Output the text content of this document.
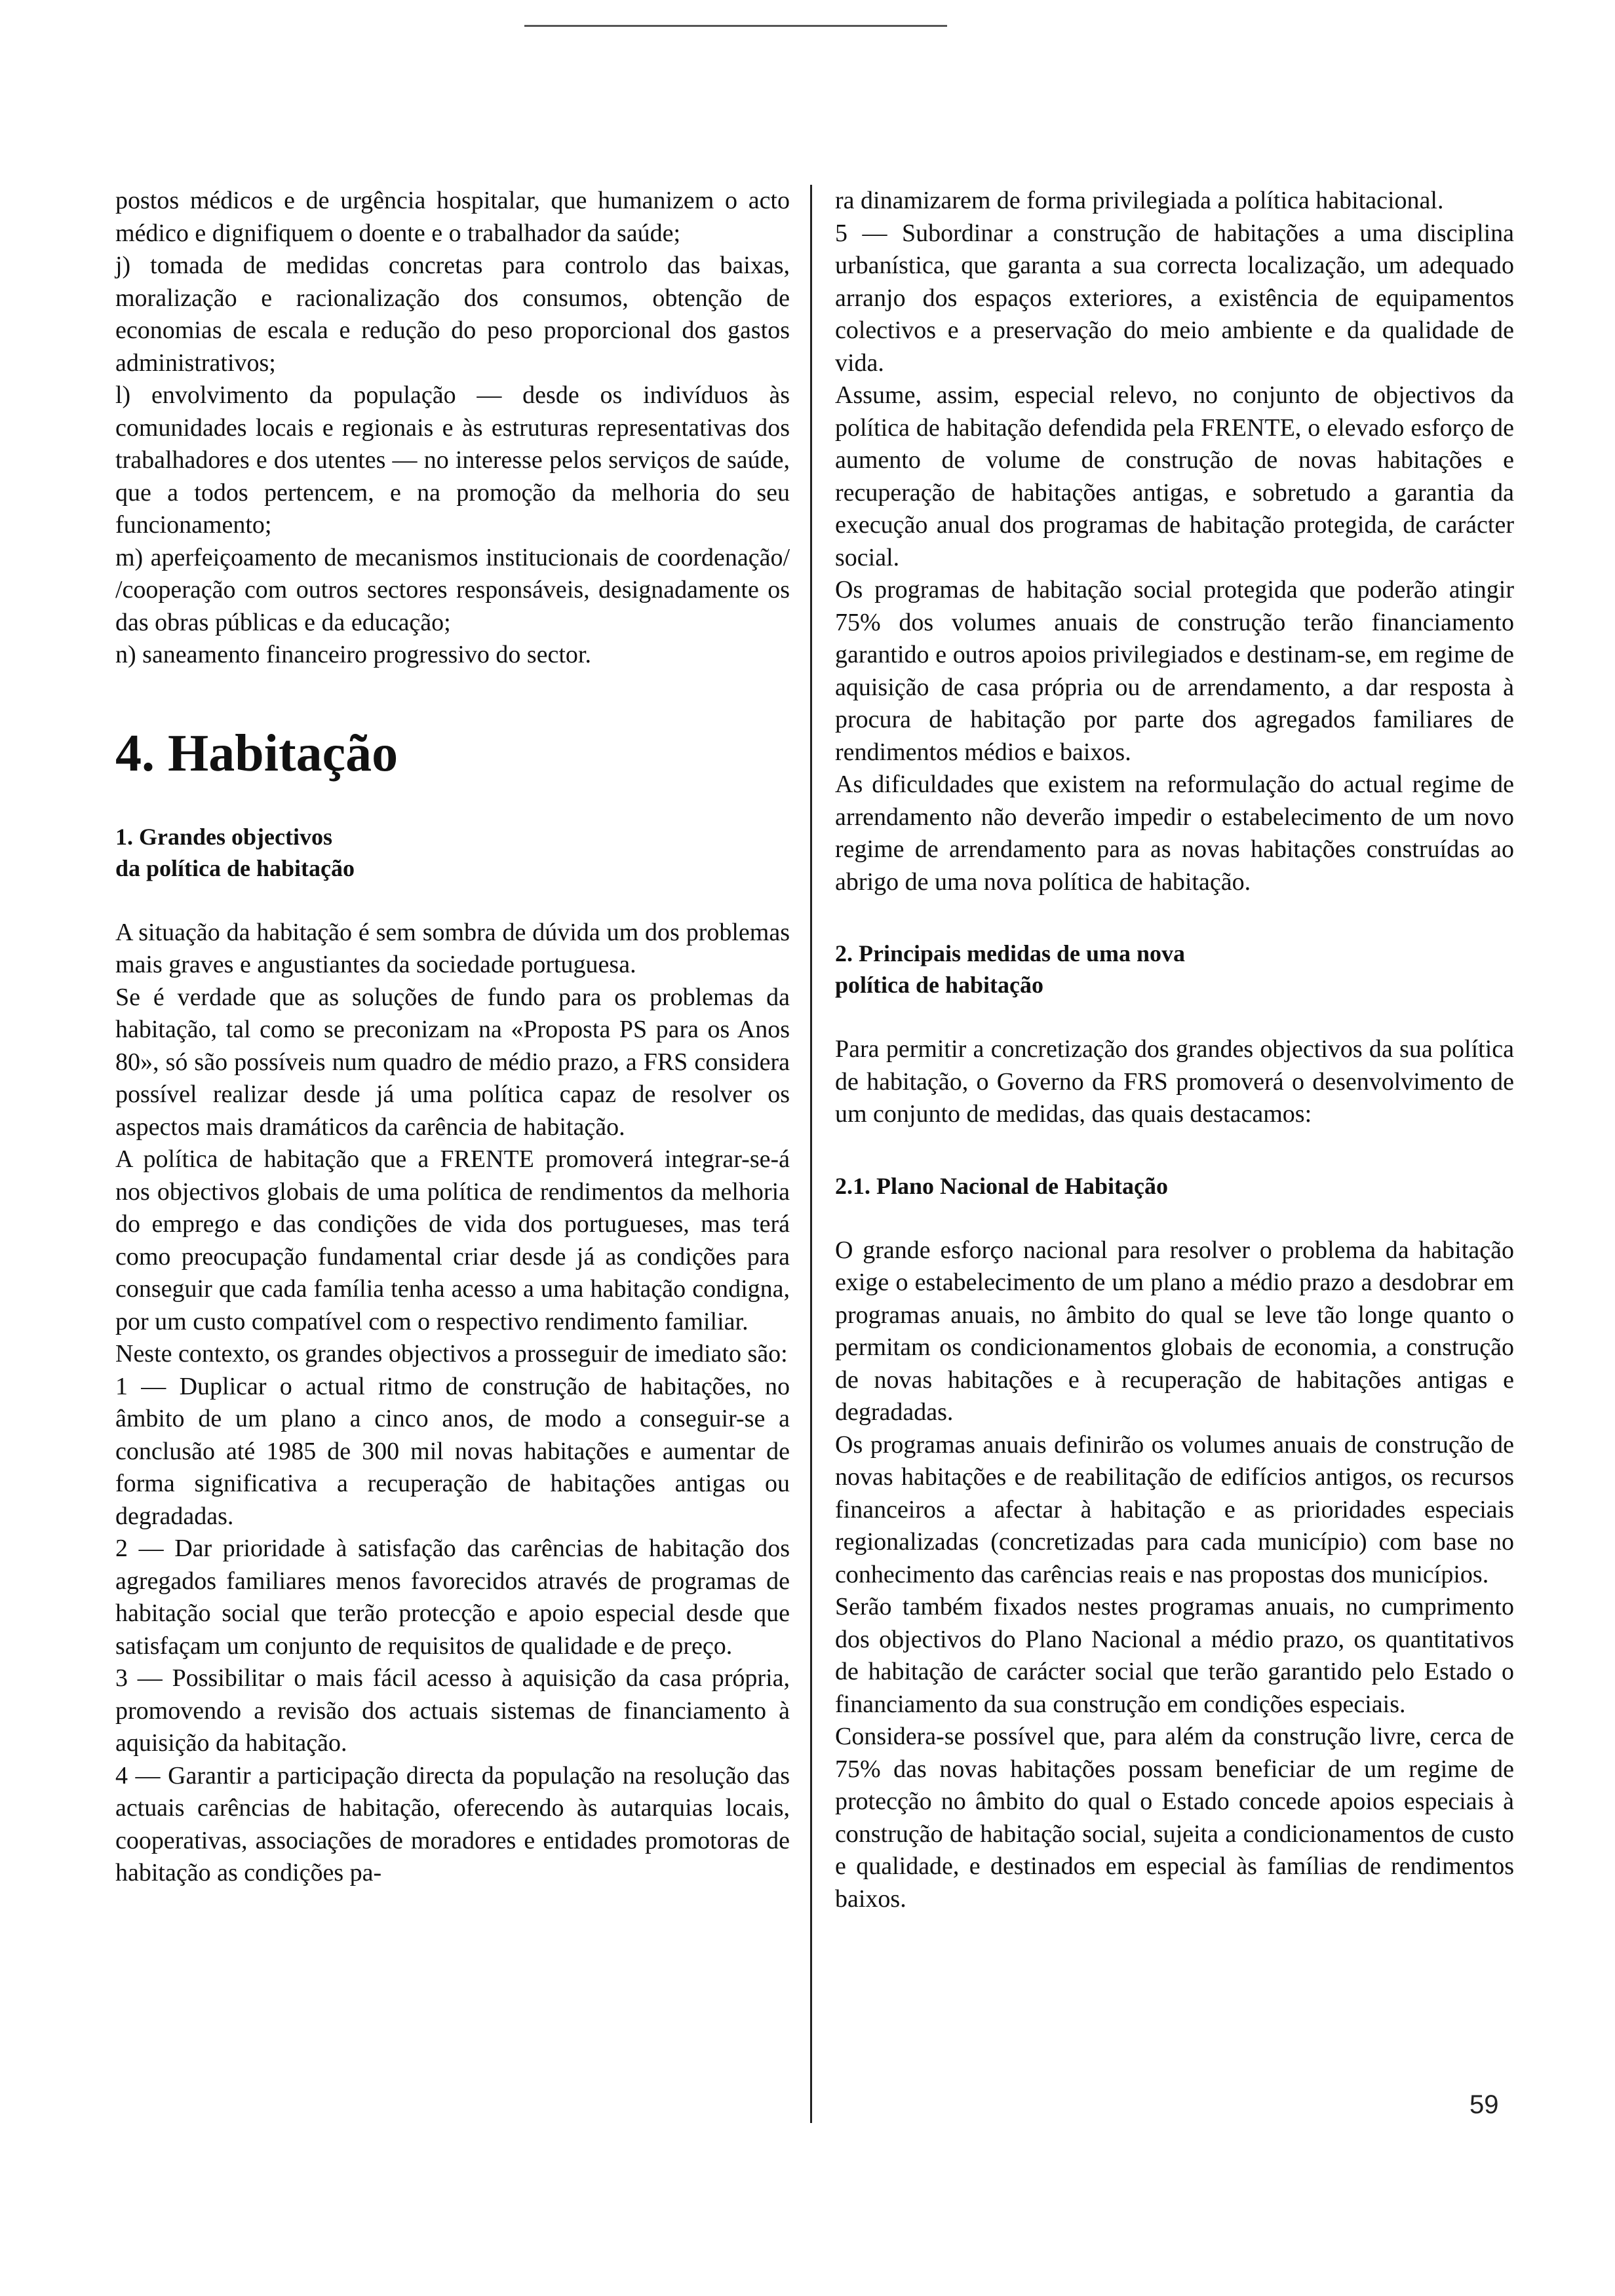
postos médicos e de urgência hospitalar, que humanizem o acto médico e dignifiquem o doente e o trabalhador da saúde;

j) tomada de medidas concretas para controlo das baixas, moralização e racionalização dos consumos, obtenção de economias de escala e redução do peso proporcional dos gastos administrativos;

l) envolvimento da população — desde os indivíduos às comunidades locais e regionais e às estruturas representativas dos trabalhadores e dos utentes — no interesse pelos serviços de saúde, que a todos pertencem, e na promoção da melhoria do seu funcionamento;

m) aperfeiçoamento de mecanismos institucionais de coordenação/ /cooperação com outros sectores responsáveis, designadamente os das obras públicas e da educação;

n) saneamento financeiro progressivo do sector.

4. Habitação
1. Grandes objectivos
da política de habitação

A situação da habitação é sem sombra de dúvida um dos problemas mais graves e angustiantes da sociedade portuguesa.

Se é verdade que as soluções de fundo para os problemas da habitação, tal como se preconizam na «Proposta PS para os Anos 80», só são possíveis num quadro de médio prazo, a FRS considera possível realizar desde já uma política capaz de resolver os aspectos mais dramáticos da carência de habitação.

A política de habitação que a FRENTE promoverá integrar-se-á nos objectivos globais de uma política de rendimentos da melhoria do emprego e das condições de vida dos portugueses, mas terá como preocupação fundamental criar desde já as condições para conseguir que cada família tenha acesso a uma habitação condigna, por um custo compatível com o respectivo rendimento familiar.

Neste contexto, os grandes objectivos a prosseguir de imediato são:

1 — Duplicar o actual ritmo de construção de habitações, no âmbito de um plano a cinco anos, de modo a conseguir-se a conclusão até 1985 de 300 mil novas habitações e aumentar de forma significativa a recuperação de habitações antigas ou degradadas.

2 — Dar prioridade à satisfação das carências de habitação dos agregados familiares menos favorecidos através de programas de habitação social que terão protecção e apoio especial desde que satisfaçam um conjunto de requisitos de qualidade e de preço.

3 — Possibilitar o mais fácil acesso à aquisição da casa própria, promovendo a revisão dos actuais sistemas de financiamento à aquisição da habitação.

4 — Garantir a participação directa da população na resolução das actuais carências de habitação, oferecendo às autarquias locais, cooperativas, associações de moradores e entidades promotoras de habitação as condições pa-

ra dinamizarem de forma privilegiada a política habitacional.

5 — Subordinar a construção de habitações a uma disciplina urbanística, que garanta a sua correcta localização, um adequado arranjo dos espaços exteriores, a existência de equipamentos colectivos e a preservação do meio ambiente e da qualidade de vida.

Assume, assim, especial relevo, no conjunto de objectivos da política de habitação defendida pela FRENTE, o elevado esforço de aumento de volume de construção de novas habitações e recuperação de habitações antigas, e sobretudo a garantia da execução anual dos programas de habitação protegida, de carácter social.

Os programas de habitação social protegida que poderão atingir 75% dos volumes anuais de construção terão financiamento garantido e outros apoios privilegiados e destinam-se, em regime de aquisição de casa própria ou de arrendamento, a dar resposta à procura de habitação por parte dos agregados familiares de rendimentos médios e baixos.

As dificuldades que existem na reformulação do actual regime de arrendamento não deverão impedir o estabelecimento de um novo regime de arrendamento para as novas habitações construídas ao abrigo de uma nova política de habitação.

2. Principais medidas de uma nova
política de habitação

Para permitir a concretização dos grandes objectivos da sua política de habitação, o Governo da FRS promoverá o desenvolvimento de um conjunto de medidas, das quais destacamos:

2.1. Plano Nacional de Habitação

O grande esforço nacional para resolver o problema da habitação exige o estabelecimento de um plano a médio prazo a desdobrar em programas anuais, no âmbito do qual se leve tão longe quanto o permitam os condicionamentos globais de economia, a construção de novas habitações e à recuperação de habitações antigas e degradadas.

Os programas anuais definirão os volumes anuais de construção de novas habitações e de reabilitação de edifícios antigos, os recursos financeiros a afectar à habitação e as prioridades especiais regionalizadas (concretizadas para cada município) com base no conhecimento das carências reais e nas propostas dos municípios.

Serão também fixados nestes programas anuais, no cumprimento dos objectivos do Plano Nacional a médio prazo, os quantitativos de habitação de carácter social que terão garantido pelo Estado o financiamento da sua construção em condições especiais.

Considera-se possível que, para além da construção livre, cerca de 75% das novas habitações possam beneficiar de um regime de protecção no âmbito do qual o Estado concede apoios especiais à construção de habitação social, sujeita a condicionamentos de custo e qualidade, e destinados em especial às famílias de rendimentos baixos.

59
